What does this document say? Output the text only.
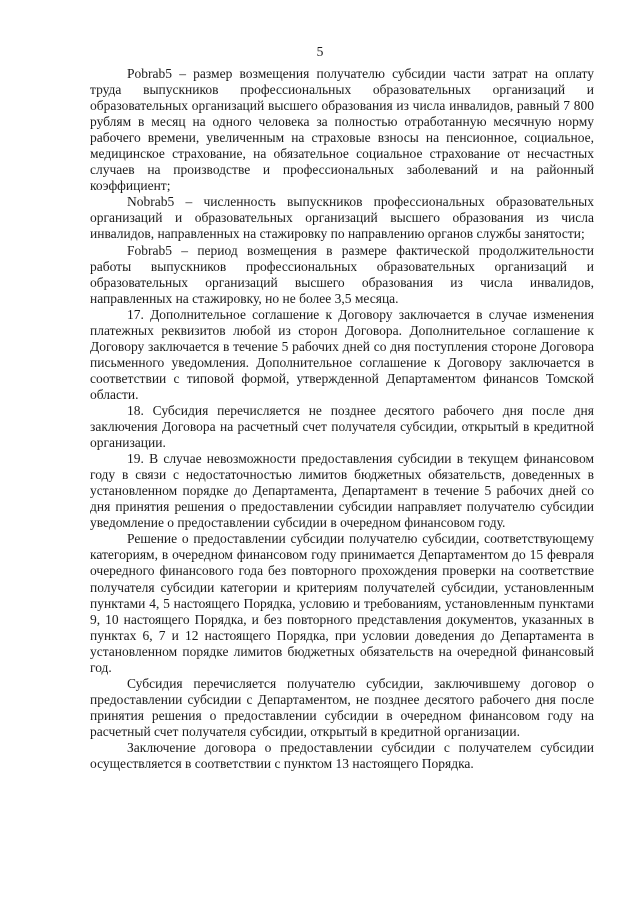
5

Pobrab5 – размер возмещения получателю субсидии части затрат на оплату труда выпускников профессиональных образовательных организаций и образовательных организаций высшего образования из числа инвалидов, равный 7 800 рублям в месяц на одного человека за полностью отработанную месячную норму рабочего времени, увеличенным на страховые взносы на пенсионное, социальное, медицинское страхование, на обязательное социальное страхование от несчастных случаев на производстве и профессиональных заболеваний и на районный коэффициент;

Nobrab5 – численность выпускников профессиональных образовательных организаций и образовательных организаций высшего образования из числа инвалидов, направленных на стажировку по направлению органов службы занятости;

Fobrab5 – период возмещения в размере фактической продолжительности работы выпускников профессиональных образовательных организаций и образовательных организаций высшего образования из числа инвалидов, направленных на стажировку, но не более 3,5 месяца.

17. Дополнительное соглашение к Договору заключается в случае изменения платежных реквизитов любой из сторон Договора. Дополнительное соглашение к Договору заключается в течение 5 рабочих дней со дня поступления стороне Договора письменного уведомления. Дополнительное соглашение к Договору заключается в соответствии с типовой формой, утвержденной Департаментом финансов Томской области.

18. Субсидия перечисляется не позднее десятого рабочего дня после дня заключения Договора на расчетный счет получателя субсидии, открытый в кредитной организации.

19. В случае невозможности предоставления субсидии в текущем финансовом году в связи с недостаточностью лимитов бюджетных обязательств, доведенных в установленном порядке до Департамента, Департамент в течение 5 рабочих дней со дня принятия решения о предоставлении субсидии направляет получателю субсидии уведомление о предоставлении субсидии в очередном финансовом году.

Решение о предоставлении субсидии получателю субсидии, соответствующему категориям, в очередном финансовом году принимается Департаментом до 15 февраля очередного финансового года без повторного прохождения проверки на соответствие получателя субсидии категории и критериям получателей субсидии, установленным пунктами 4, 5 настоящего Порядка, условию и требованиям, установленным пунктами 9, 10 настоящего Порядка, и без повторного представления документов, указанных в пунктах 6, 7 и 12 настоящего Порядка, при условии доведения до Департамента в установленном порядке лимитов бюджетных обязательств на очередной финансовый год.

Субсидия перечисляется получателю субсидии, заключившему договор о предоставлении субсидии с Департаментом, не позднее десятого рабочего дня после принятия решения о предоставлении субсидии в очередном финансовом году на расчетный счет получателя субсидии, открытый в кредитной организации.

Заключение договора о предоставлении субсидии с получателем субсидии осуществляется в соответствии с пунктом 13 настоящего Порядка.
